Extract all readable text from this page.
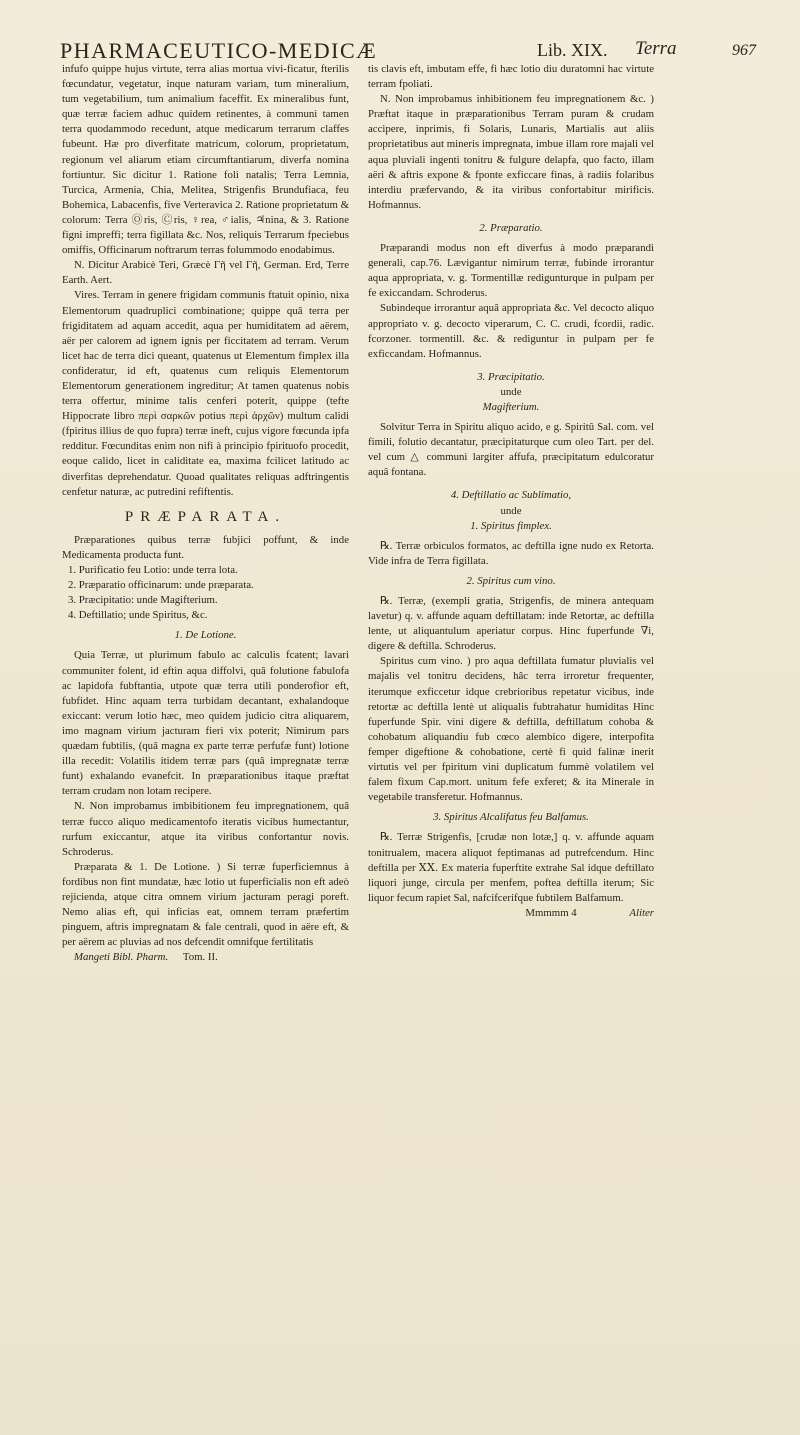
PHARMACEUTICO-MEDICÆ	Lib. XIX. Terra	967

infufo quippe hujus virtute, terra alias mortua vivi-ficatur, fterilis fœcundatur, vegetatur, inque naturam variam, tum mineralium, tum vegetabilium, tum animalium faceffit. Ex mineralibus funt, quæ terræ faciem adhuc quidem retinentes, à communi tamen terra quodammodo recedunt, atque medicarum terrarum claffes fubeunt. Hæ pro diverfitate matricum, colorum, proprietatum, regionum vel aliarum etiam circumftantiarum, diverfa nomina fortiuntur. Sic dicitur 1. Ratione foli natalis; Terra Lemnia, Turcica, Armenia, Chia, Melitea, Strigenfis Brundufiaca, feu Bohemica, Labacenfis, five Verteravica 2. Ratione proprietatum & colorum: Terra Ⓞris, Ⓒris, ♀rea, ♂ialis, ♃nina, & 3. Ratione figni impreffi; terra figillata &c. Nos, reliquis Terrarum fpeciebus omiffis, Officinarum noftrarum terras folummodo enodabimus.

N. Dicitur Arabicè Teri, Græcè Γῆ vel Γῆ, German. Erd, Terre Earth. Aert.

Vires. Terram in genere frigidam communis ftatuit opinio, nixa Elementorum quadruplici combinatione; quippe quâ terra per frigiditatem ad aquam accedit, aqua per humiditatem ad aërem, aër per calorem ad ignem ignis per ficcitatem ad terram. Verum licet hac de terra dici queant, quatenus ut Elementum fimplex illa confideratur, id eft, quatenus cum reliquis Elementorum Elementorum generationem ingreditur; At tamen quatenus nobis terra offertur, minime talis cenferi poterit, quippe (tefte Hippocrate libro περὶ σαρκῶν potius περὶ ἀρχῶν) multum calidi (fpiritus illius de quo fupra) terræ ineft, cujus vigore fœcunda ipfa redditur. Fœcunditas enim non nifi à principio fpirituofo procedit, eoque calido, licet in caliditate ea, maxima fcilicet latitudo ac diverfitas deprehendatur. Quoad qualitates reliquas adftringentis cenfetur naturæ, ac putredini refiftentis.

PRÆPARATA.

Præparationes quibus terræ fubjici poffunt, & inde Medicamenta producta funt.

1. Purificatio feu Lotio: unde terra lota.

2. Præparatio officinarum: unde præparata.

3. Præcipitatio: unde Magifterium.

4. Deftillatio; unde Spiritus, &c.

1. De Lotione.

Quia Terræ, ut plurimum fabulo ac calculis fcatent; lavari communiter folent, id eftin aqua diffolvi, quâ folutione fabulofa ac lapidofa fubftantia, utpote quæ terra utili ponderofior eft, fubfidet. Hinc aquam terra turbidam decantant, exhalandoque exiccant: verum lotio hæc, meo quidem judicio citra aliquarem, imo magnam virium jacturam fieri vix poterit; Nimirum pars quædam fubtilis, (quâ magna ex parte terræ perfufæ funt) lotione illa recedit: Volatilis itidem terræ pars (quâ impregnatæ terræ funt) exhalando evanefcit. In præparationibus itaque præftat terram crudam non lotam recipere.

N. Non improbamus imbibitionem feu impregnationem, quâ terræ fucco aliquo medicamentofo iteratis vicibus humectantur, rurfum exiccantur, atque ita viribus confortantur novis. Schroderus.

Præparata & 1. De Lotione. ) Si terræ fuperficiemnus à fordibus non fint mundatæ, hæc lotio ut fuperficialis non eft adeò rejicienda, atque citra omnem virium jacturam peragi poreft. Nemo alias eft, qui inficias eat, omnem terram præfertim pinguem, aftris impregnatam & fale centrali, quod in aëre eft, & per aërem ac pluvias ad nos defcendit omnifque fertilitatis

Mangeti Bibl. Pharm. Tom. II.

tis clavis eft, imbutam effe, fi hæc lotio diu duratomni hac virtute terram fpoliati.

N. Non improbamus inhibitionem feu impregnationem &c. ) Præftat itaque in præparationibus Terram puram & crudam accipere, inprimis, fi Solaris, Lunaris, Martialis aut aliis proprietatibus aut mineris impregnata, imbue illam rore majali vel aqua pluviali ingenti tonitru & fulgure delapfa, quo facto, illam aëri & aftris expone & fponte exficcare finas, à radiis folaribus interdiu præfervando, & ita viribus confortabitur mirificis. Hofmannus.

2. Præparatio.

Præparandi modus non eft diverfus à modo præparandi generali, cap.76. Lævigantur nimirum terræ, fubinde irrorantur aqua appropriata, v. g. Tormentillæ redigunturque in pulpam per fe exiccandam. Schroderus.

Subindeque irrorantur aquâ appropriata &c. Vel decocto aliquo appropriato v. g. decocto viperarum, C. C. crudi, fcordii, radic. fcorzoner. tormentill. &c. & rediguntur in pulpam per fe exficcandam. Hofmannus.

3. Præcipitatio.

unde

Magifterium.

Solvitur Terra in Spiritu aliquo acido, e g. Spiritû Sal. com. vel fimili, folutio decantatur, præcipitaturque cum oleo Tart. per del. vel cum △ communi largiter affufa, præcipitatum edulcoratur aquâ fontana.

4. Deftillatio ac Sublimatio,

unde

1. Spiritus fimplex.

℞. Terræ orbiculos formatos, ac deftilla igne nudo ex Retorta. Vide infra de Terra figillata.

2. Spiritus cum vino.

℞. Terræ, (exempli gratia, Strigenfis, de minera antequam lavetur) q. v. affunde aquam deftillatam: inde Retortæ, ac deftilla lente, ut aliquantulum aperiatur corpus. Hinc fuperfunde ∇i, digere & deftilla. Schroderus.

Spiritus cum vino. ) pro aqua deftillata fumatur pluvialis vel majalis vel tonitru decidens, hâc terra irroretur frequenter, iterumque exficcetur idque crebrioribus repetatur vicibus, inde retortæ ac deftilla lentè ut aliqualis fubtrahatur humiditas Hinc fuperfunde Spir. vini digere & deftilla, deftillatum cohoba & cohobatum aliquandiu fub cœco alembico digere, interpofita femper digeftione & cohobatione, certè fi quid falinæ inerit virtutis vel per fpiritum vini duplicatum fummè volatilem vel falem fixum Cap.mort. unitum fefe exferet; & ita Minerale in vegetabile transferetur. Hofmannus.

3. Spiritus Alcalifatus feu Balfamus.

℞. Terræ Strigenfis, [crudæ non lotæ,] q. v. affunde aquam tonitrualem, macera aliquot feptimanas ad putrefcendum. Hinc deftilla per ⅩⅩ. Ex materia fuperftite extrahe Sal idque deftillato liquori junge, circula per menfem, poftea deftilla iterum; Sic liquor fecum rapiet Sal, nafcifcerifque fubtilem Balfamum.

Mmmmm 4	Aliter
